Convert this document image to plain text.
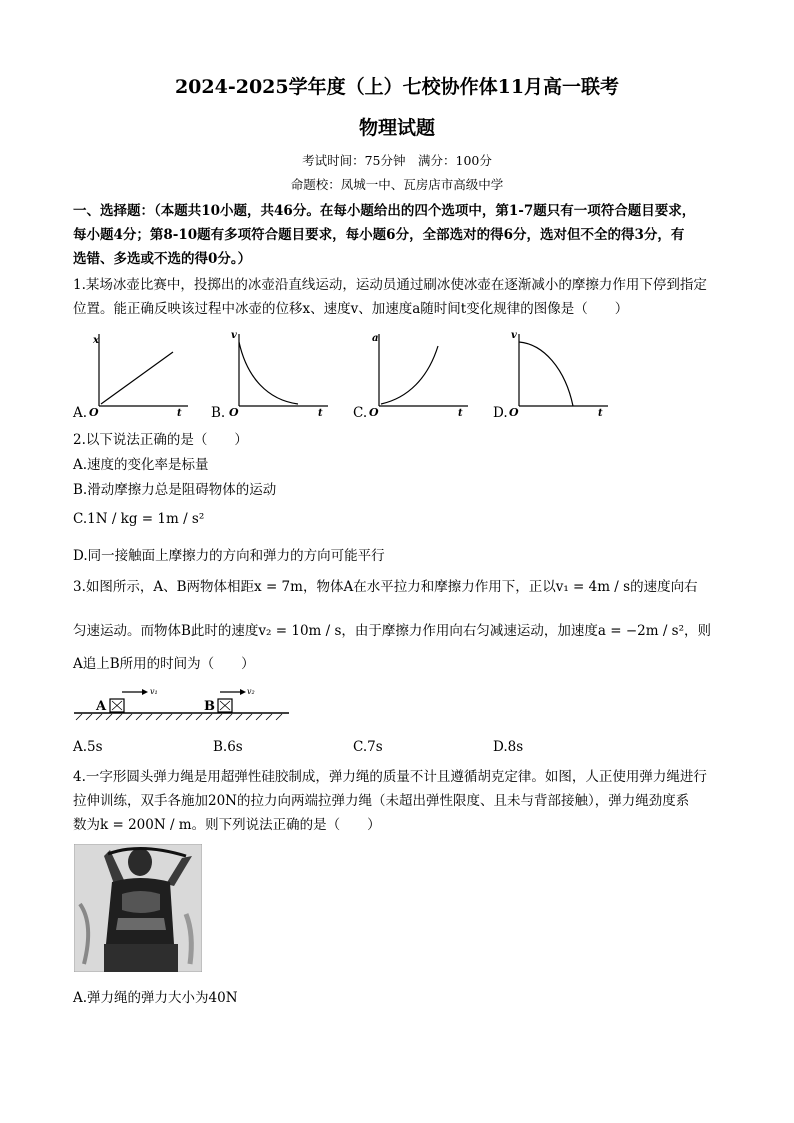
2024-2025学年度（上）七校协作体11月高一联考
物理试题
考试时间：75分钟　满分：100分
命题校：凤城一中、瓦房店市高级中学
一、选择题：（本题共10小题，共46分。在每小题给出的四个选项中，第1-7题只有一项符合题目要求，
每小题4分；第8-10题有多项符合题目要求，每小题6分，全部选对的得6分，选对但不全的得3分，有
选错、多选或不选的得0分。）
1.某场冰壶比赛中，投掷出的冰壶沿直线运动，运动员通过刷冰使冰壶在逐渐减小的摩擦力作用下停到指定
位置。能正确反映该过程中冰壶的位移x、速度v、加速度a随时间t变化规律的图像是（　　）
A.
x
t
O	B.
v
t
O	C.
a
t
O	D.
v
t
O
2.以下说法正确的是（　　）
A.速度的变化率是标量
B.滑动摩擦力总是阻碍物体的运动
C.1N / kg = 1m / s²
D.同一接触面上摩擦力的方向和弹力的方向可能平行
3.如图所示，A、B两物体相距x = 7m，物体A在水平拉力和摩擦力作用下，正以v₁ = 4m / s的速度向右
匀速运动。而物体B此时的速度v₂ = 10m / s，由于摩擦力作用向右匀减速运动，加速度a = −2m / s²，则
A追上B所用的时间为（　　）
A
v₁
B
v₂
A.5s	B.6s	C.7s	D.8s
4.一字形圆头弹力绳是用超弹性硅胶制成，弹力绳的质量不计且遵循胡克定律。如图，人正使用弹力绳进行
拉伸训练，双手各施加20N的拉力向两端拉弹力绳（未超出弹性限度、且未与背部接触），弹力绳劲度系
数为k = 200N / m。则下列说法正确的是（　　）
A.弹力绳的弹力大小为40N
